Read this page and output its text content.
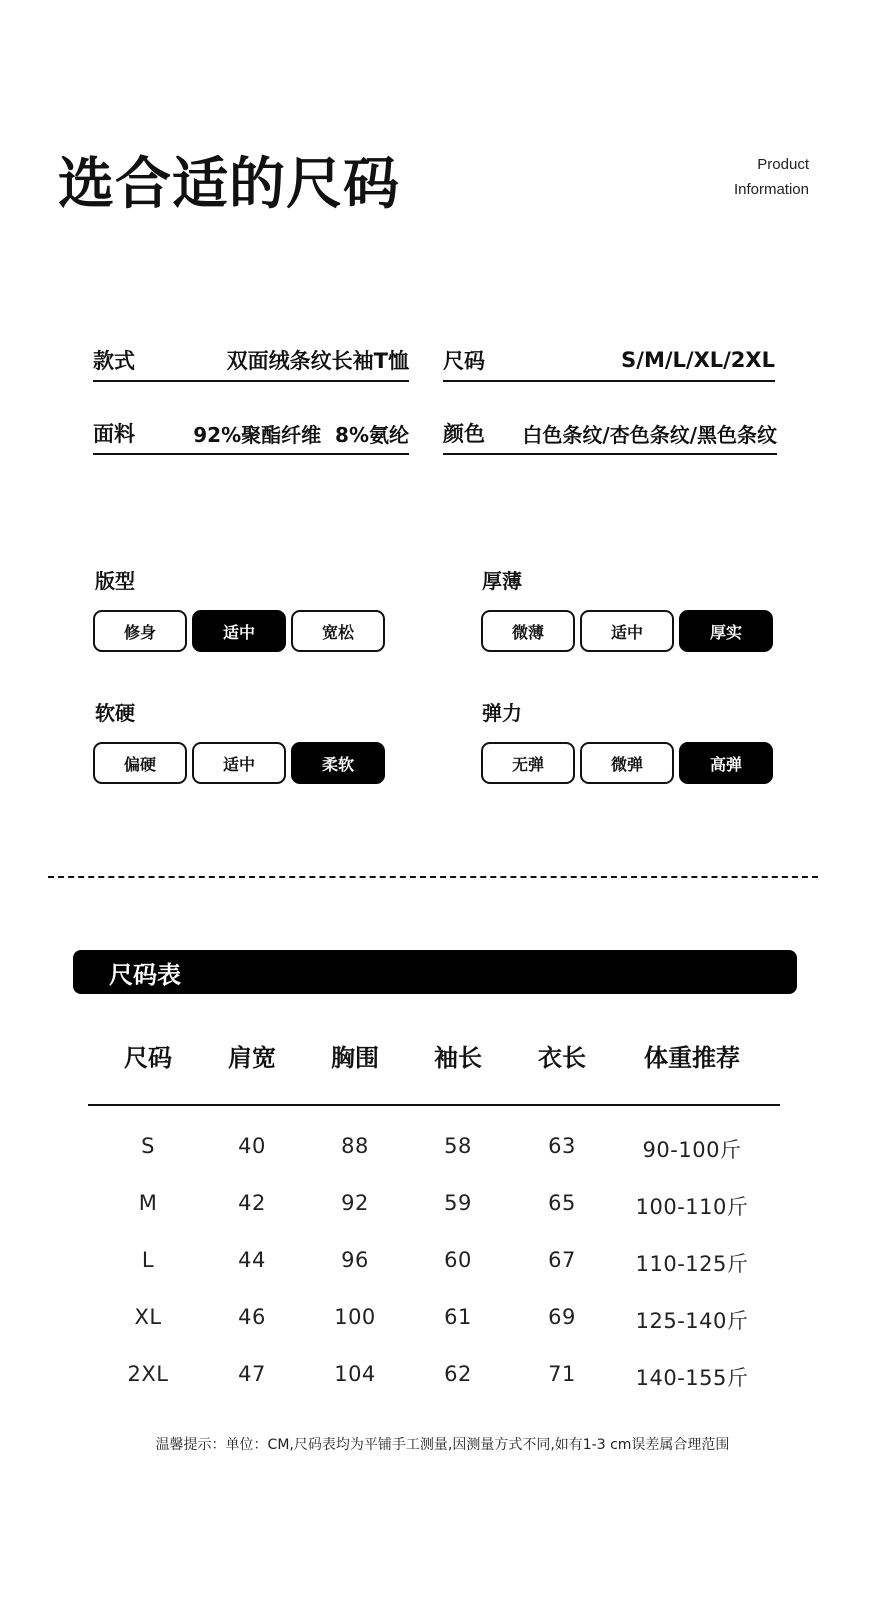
选合适的尺码	Product
Information
款式	双面绒条纹长袖T恤 尺码	S/M/L/XL/2XL
面料	92%聚酯纤维  8%氨纶 颜色 白色条纹/杏色条纹/黑色条纹
版型
修身	适中	宽松
厚薄
微薄	适中	厚实
软硬
偏硬	适中	柔软
弹力
无弹	微弹	高弹
尺码表
尺码 肩宽 胸围 袖长 衣长 体重推荐
S	40	88	58	63	90-100斤
M	42	92	59	65	100-110斤
L	44	96	60	67	110-125斤
XL	46	100	61	69	125-140斤
2XL	47	104	62	71	140-155斤
温馨提示：单位：CM,尺码表均为平铺手工测量,因测量方式不同,如有1-3 cm误差属合理范围
